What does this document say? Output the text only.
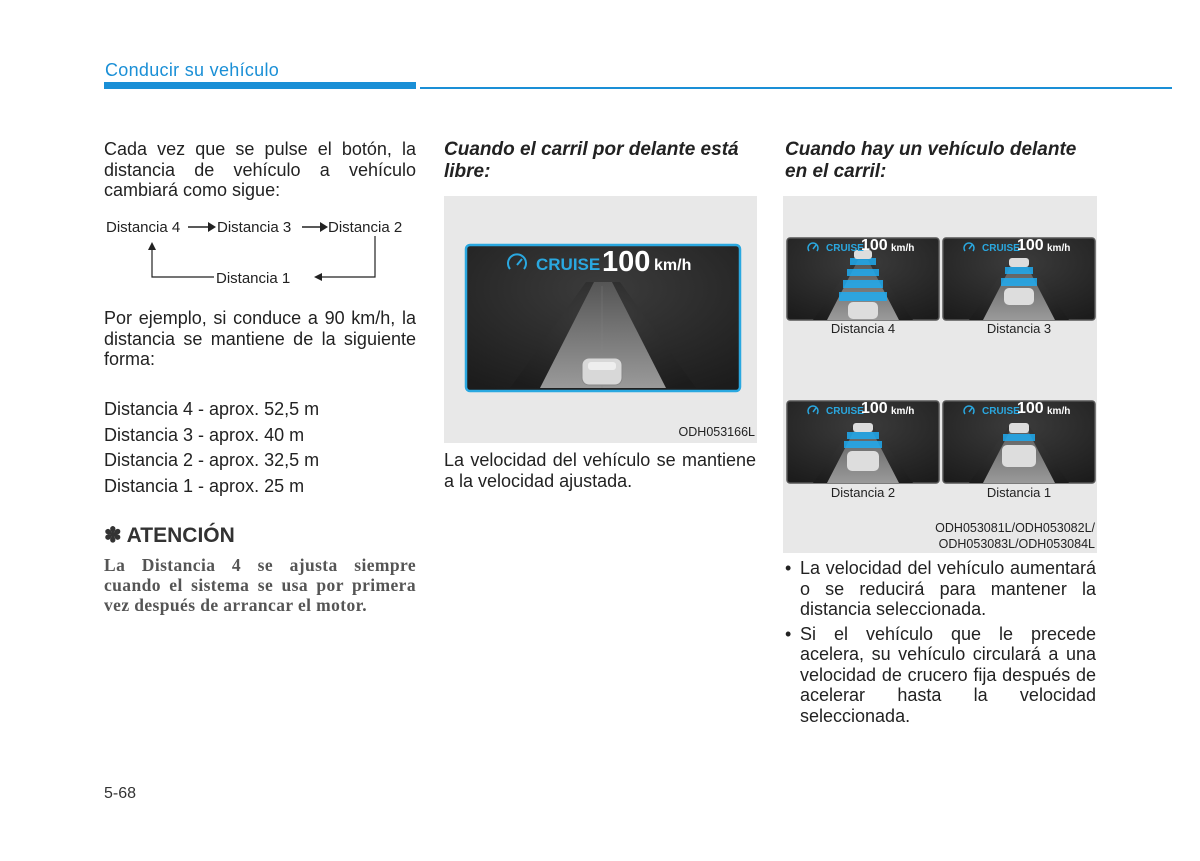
Conducir su vehículo
Cada vez que se pulse el botón, la distancia de vehículo a vehículo cambiará como sigue:
Distancia 4 Distancia 3 Distancia 2
Distancia 1
Por ejemplo, si conduce a 90 km/h, la distancia se mantiene de la siguiente forma:
Distancia 4 - aprox. 52,5 m
Distancia 3 - aprox. 40 m
Distancia 2 - aprox. 32,5 m
Distancia 1 - aprox. 25 m
✽ ATENCIÓN
La Distancia 4 se ajusta siempre cuando el sistema se usa por primera vez después de arrancar el motor.
Cuando el carril por delante está libre:
CRUISE 100 km/h
ODH053166L
La velocidad del vehículo se mantiene a la velocidad ajustada.
Cuando hay un vehículo delante en el carril:
CRUISE
100 km/h	CRUISE
100 km/h
CRUISE
100 km/h	CRUISE
100 km/h
Distancia 4	Distancia 3
Distancia 2	Distancia 1
ODH053081L/ODH053082L/
ODH053083L/ODH053084L
• La velocidad del vehículo aumentará o se reducirá para mantener la distancia seleccionada.
• Si el vehículo que le precede acelera, su vehículo circulará a una velocidad de crucero fija después de acelerar hasta la velocidad seleccionada.
5-68
